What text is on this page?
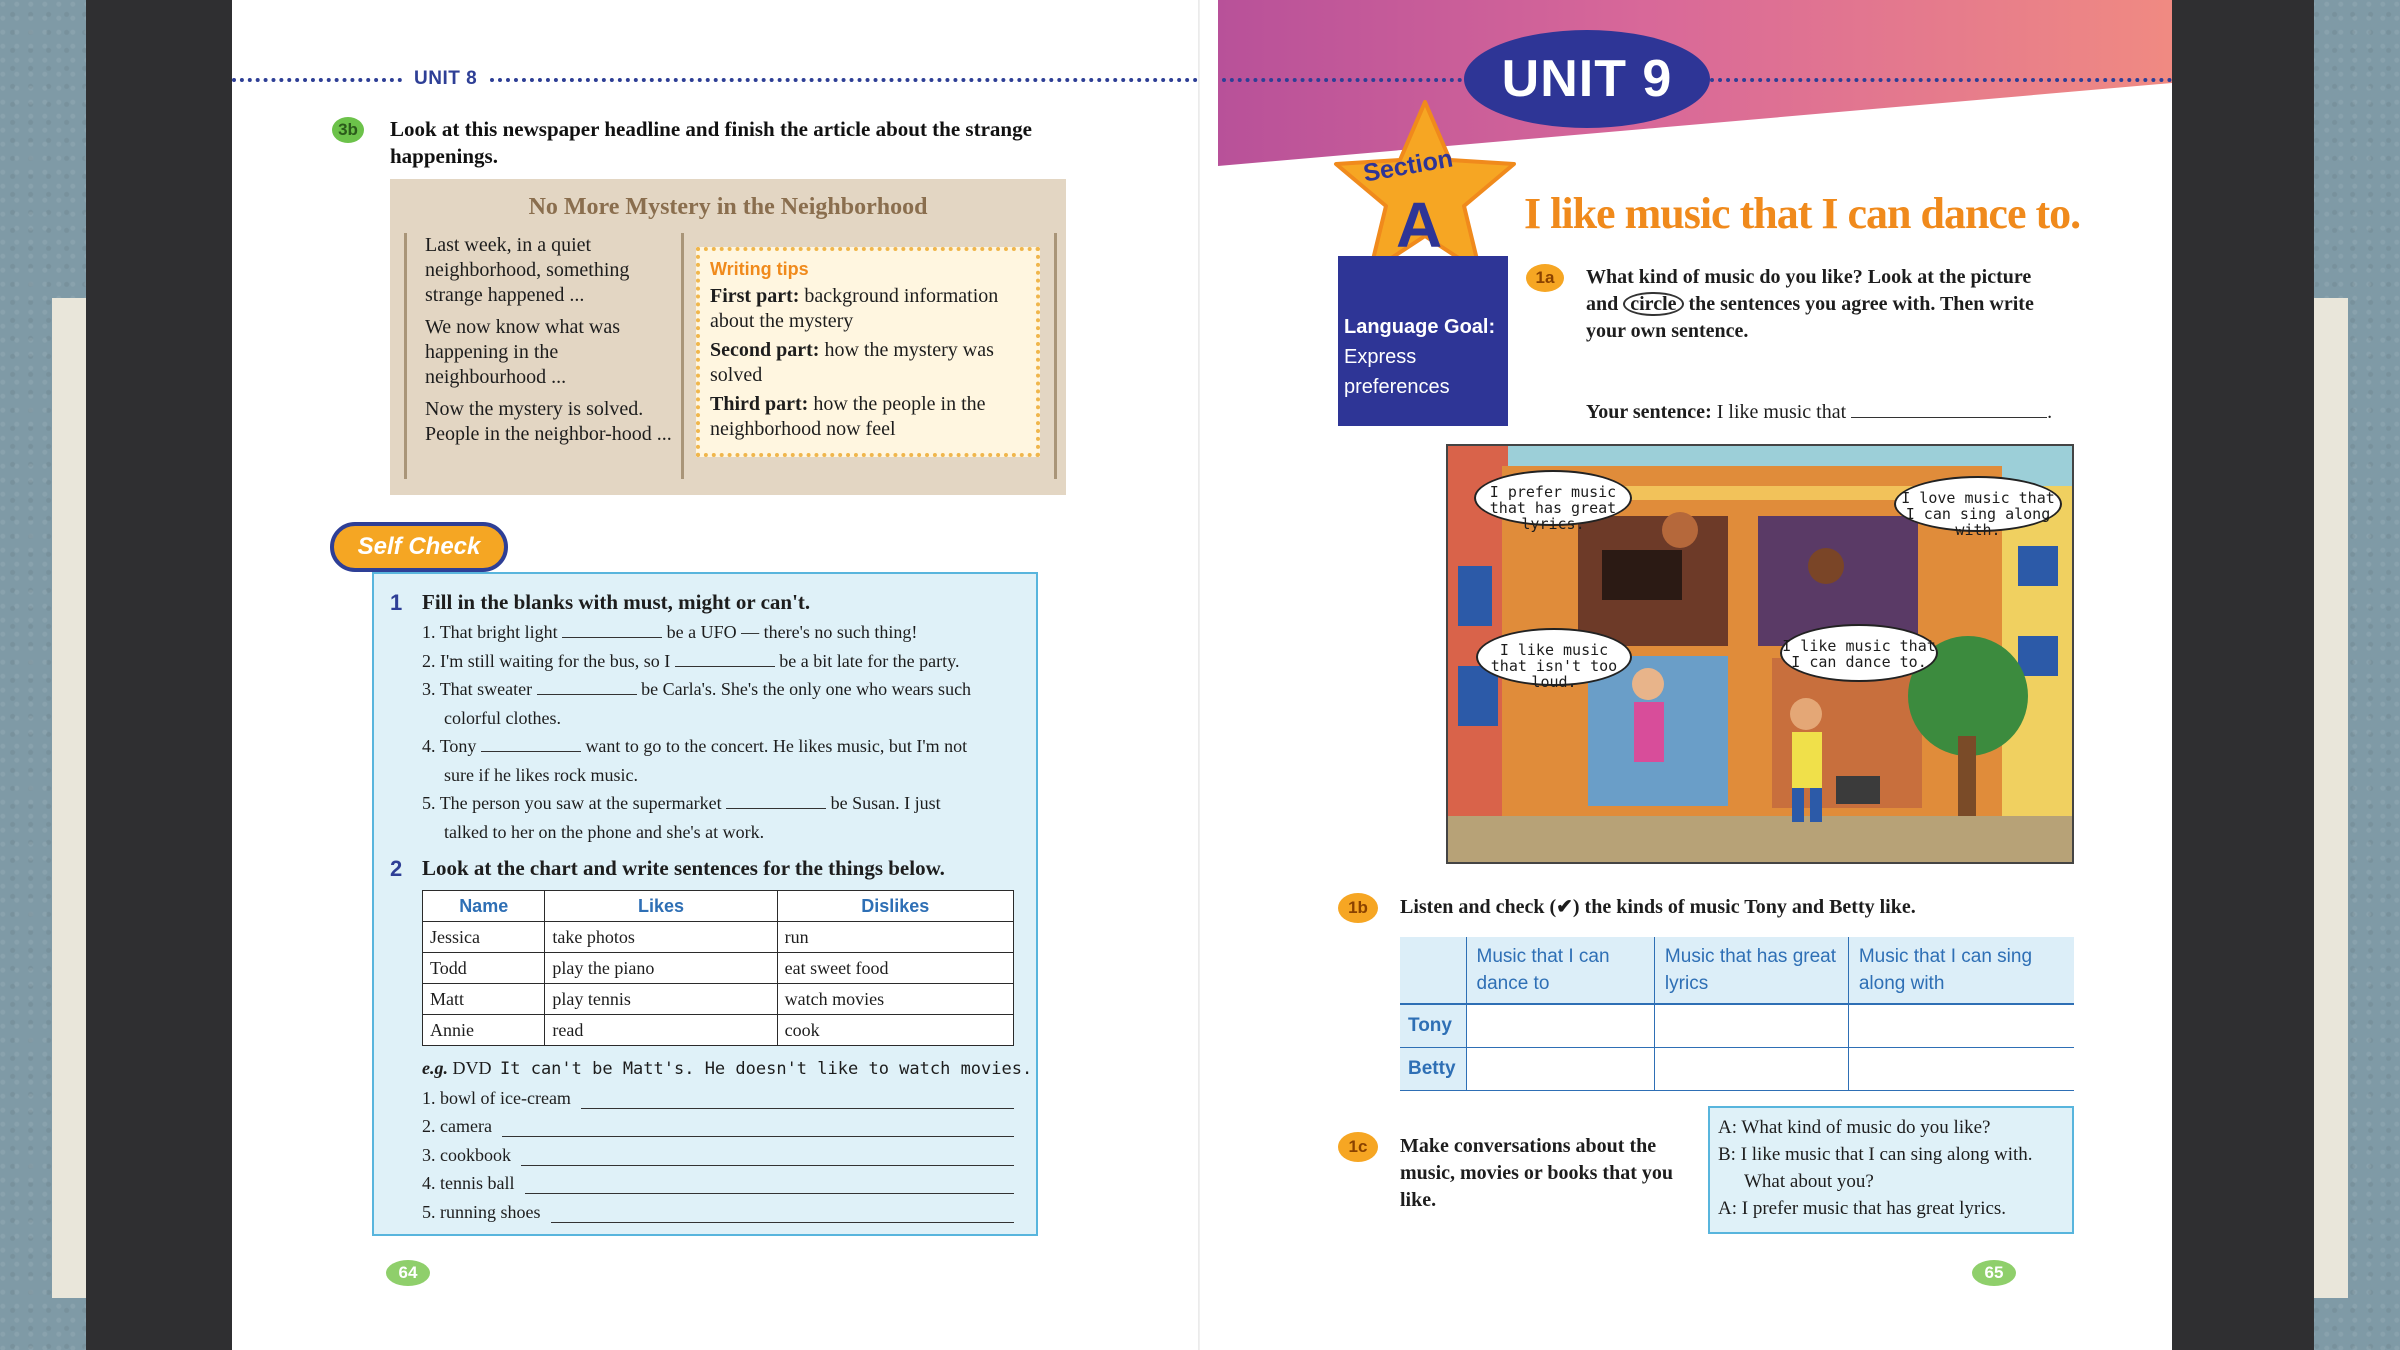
UNIT 8
3b Look at this newspaper headline and finish the article about the strange happenings.
No More Mystery in the Neighborhood

Last week, in a quiet neighborhood, something strange happened ...

We now know what was happening in the neighbourhood ...

Now the mystery is solved. People in the neighbor-hood ...

Writing tips

First part: background information about the mystery

Second part: how the mystery was solved

Third part: how the people in the neighborhood now feel

1 Fill in the blanks with must, might or can't.
1. That bright light	be a UFO — there's no such thing!
2. I'm still waiting for the bus, so I	be a bit late for the party.
3. That sweater	be Carla's. She's the only one who wears such
colorful clothes.
4. Tony	want to go to the concert. He likes music, but I'm not
sure if he likes rock music.
5. The person you saw at the supermarket	be Susan. I just
talked to her on the phone and she's at work.
2 Look at the chart and write sentences for the things below.
Name	Likes	Dislikes
Jessica	take photos	run
Todd	play the piano	eat sweet food
Matt	play tennis	watch movies
Annie	read	cook
e.g. DVD It can't be Matt's. He doesn't like to watch movies.
1. bowl of ice-cream
2. camera
3. cookbook
4. tennis ball
5. running shoes
Self Check
64
UNIT 9
Language Goal:
Express preferences
Section
A I like music that I can dance to.
1a	What kind of music do you like? Look at the picture and circle the sentences you agree with. Then write your own sentence.
Your sentence: I like music that	.
I prefer music that has great lyrics.
I love music that I can sing along with.
I like music that isn't too loud.
I like music that I can dance to.
1b	Listen and check (✔) the kinds of music Tony and Betty like.
	Music that I can dance to	Music that has great lyrics	Music that I can sing along with
Tony			
Betty			
1c	Make conversations about the music, movies or books that you like.
A: What kind of music do you like?
B: I like music that I can sing along with.
What about you?
A: I prefer music that has great lyrics.
65
